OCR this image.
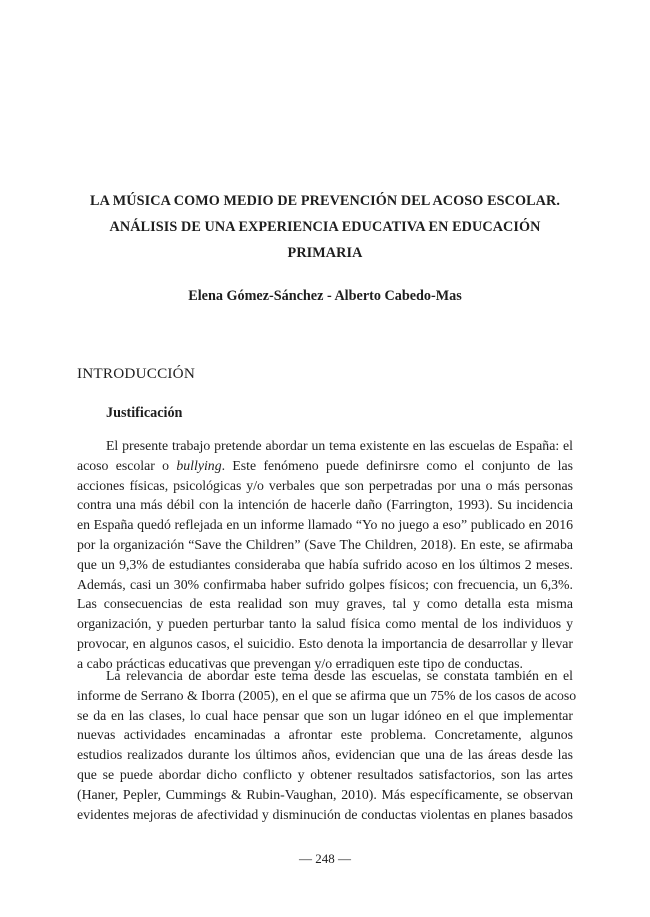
LA MÚSICA COMO MEDIO DE PREVENCIÓN DEL ACOSO ESCOLAR.
ANÁLISIS DE UNA EXPERIENCIA EDUCATIVA EN EDUCACIÓN
PRIMARIA
Elena Gómez-Sánchez - Alberto Cabedo-Mas
INTRODUCCIÓN
Justificación
El presente trabajo pretende abordar un tema existente en las escuelas de España: el
acoso escolar o bullying. Este fenómeno puede definirsre como el conjunto de las
acciones físicas, psicológicas y/o verbales que son perpetradas por una o más personas
contra una más débil con la intención de hacerle daño (Farrington, 1993). Su incidencia
en España quedó reflejada en un informe llamado “Yo no juego a eso” publicado en 2016
por la organización “Save the Children” (Save The Children, 2018). En este, se afirmaba
que un 9,3% de estudiantes consideraba que había sufrido acoso en los últimos 2 meses.
Además, casi un 30% confirmaba haber sufrido golpes físicos; con frecuencia, un 6,3%.
Las consecuencias de esta realidad son muy graves, tal y como detalla esta misma
organización, y pueden perturbar tanto la salud física como mental de los individuos y
provocar, en algunos casos, el suicidio. Esto denota la importancia de desarrollar y llevar
a cabo prácticas educativas que prevengan y/o erradiquen este tipo de conductas.
La relevancia de abordar este tema desde las escuelas, se constata también en el
informe de Serrano & Iborra (2005), en el que se afirma que un 75% de los casos de acoso
se da en las clases, lo cual hace pensar que son un lugar idóneo en el que implementar
nuevas actividades encaminadas a afrontar este problema. Concretamente, algunos
estudios realizados durante los últimos años, evidencian que una de las áreas desde las
que se puede abordar dicho conflicto y obtener resultados satisfactorios, son las artes
(Haner, Pepler, Cummings & Rubin-Vaughan, 2010). Más específicamente, se observan
evidentes mejoras de afectividad y disminución de conductas violentas en planes basados
— 248 —
